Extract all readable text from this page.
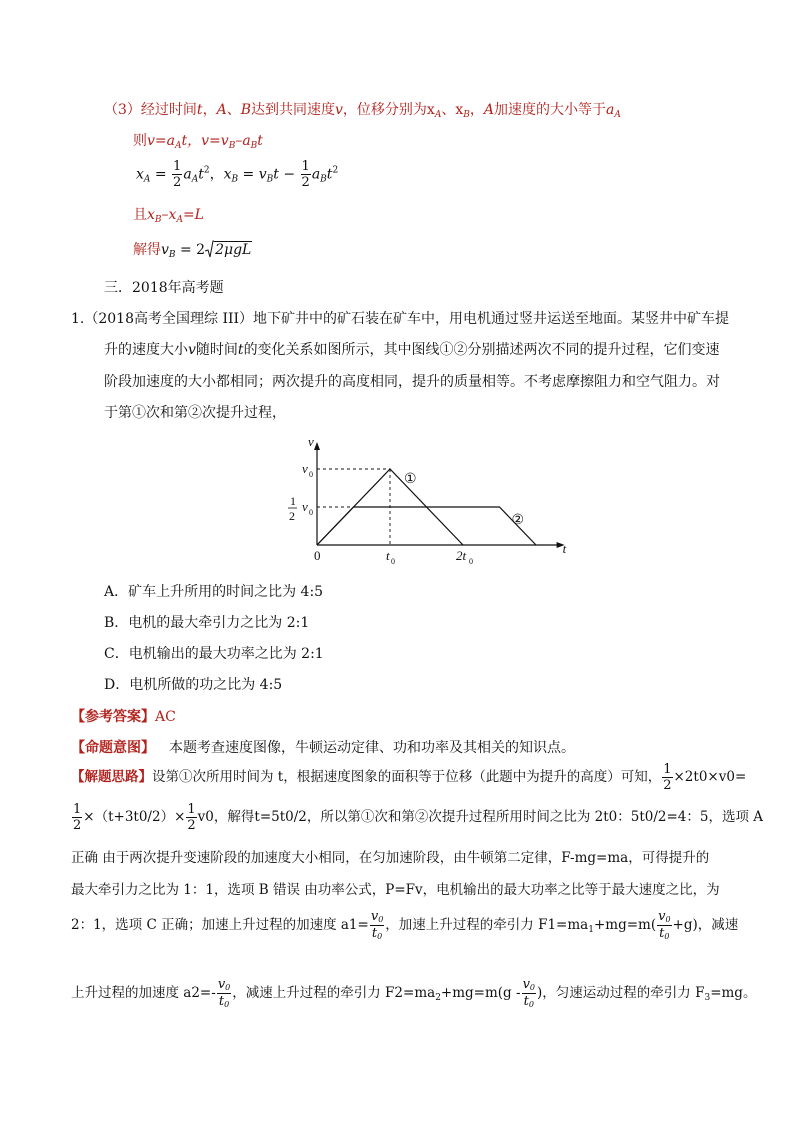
（3）经过时间t，A、B达到共同速度v，位移分别为$x_A$、$x_B$，A加速度的大小等于$a_A$
则$v=a_At$，$v=v_B-a_Bt$
$x_A = \frac{1}{2} a_At^2$，$x_B = v_Bt - \frac{1}{2} a_Bt^2$
且$x_B-x_A=L$
解得$v_B = 2$ 2μgL
三．2018年高考题
1.（2018高考全国理综 III）地下矿井中的矿石装在矿车中，用电机通过竖井运送至地面。某竖井中矿车提
升的速度大小v随时间t的变化关系如图所示，其中图线①②分别描述两次不同的提升过程，它们变速
阶段加速度的大小都相同；两次提升的高度相同，提升的质量相等。不考虑摩擦阻力和空气阻力。对
于第①次和第②次提升过程，
v
t
0
v 0
1
2
v 0
t 0	2t 0
①
②
A．矿车上升所用的时间之比为 4:5
B．电机的最大牵引力之比为 2:1
C．电机输出的最大功率之比为 2:1
D．电机所做的功之比为 4:5
【参考答案】AC
【命题意图】 本题考查速度图像，牛顿运动定律、功和功率及其相关的知识点。
【解题思路】设第①次所用时间为 t，根据速度图象的面积等于位移（此题中为提升的高度）可知， $\frac{1}{2} \times 2t0\times v0=$
$\frac{1}{2} \times(t+3t0/2)\times \frac{1}{2} v0$，解得t=5t0/2，所以第①次和第②次提升过程所用时间之比为 2t0：5t0/2=4：5，选项 A
正确 由于两次提升变速阶段的加速度大小相同，在匀加速阶段，由牛顿第二定律，F-mg=ma，可得提升的
最大牵引力之比为 1：1，选项 B 错误 由功率公式，P=Fv，电机输出的最大功率之比等于最大速度之比，为
2：1，选项 C 正确；加速上升过程的加速度 $a1= \frac{v_0}{t_0}$ ，加速上升过程的牵引力 $F1=ma_1+mg=m( \frac{v_0}{t_0} +g)$，减速
上升过程的加速度 $a2=- \frac{v_0}{t_0}$ ，减速上升过程的牵引力 $F2=ma_2+mg=m(g - \frac{v_0}{t_0}$ )，匀速运动过程的牵引力 $F_3=mg$。
